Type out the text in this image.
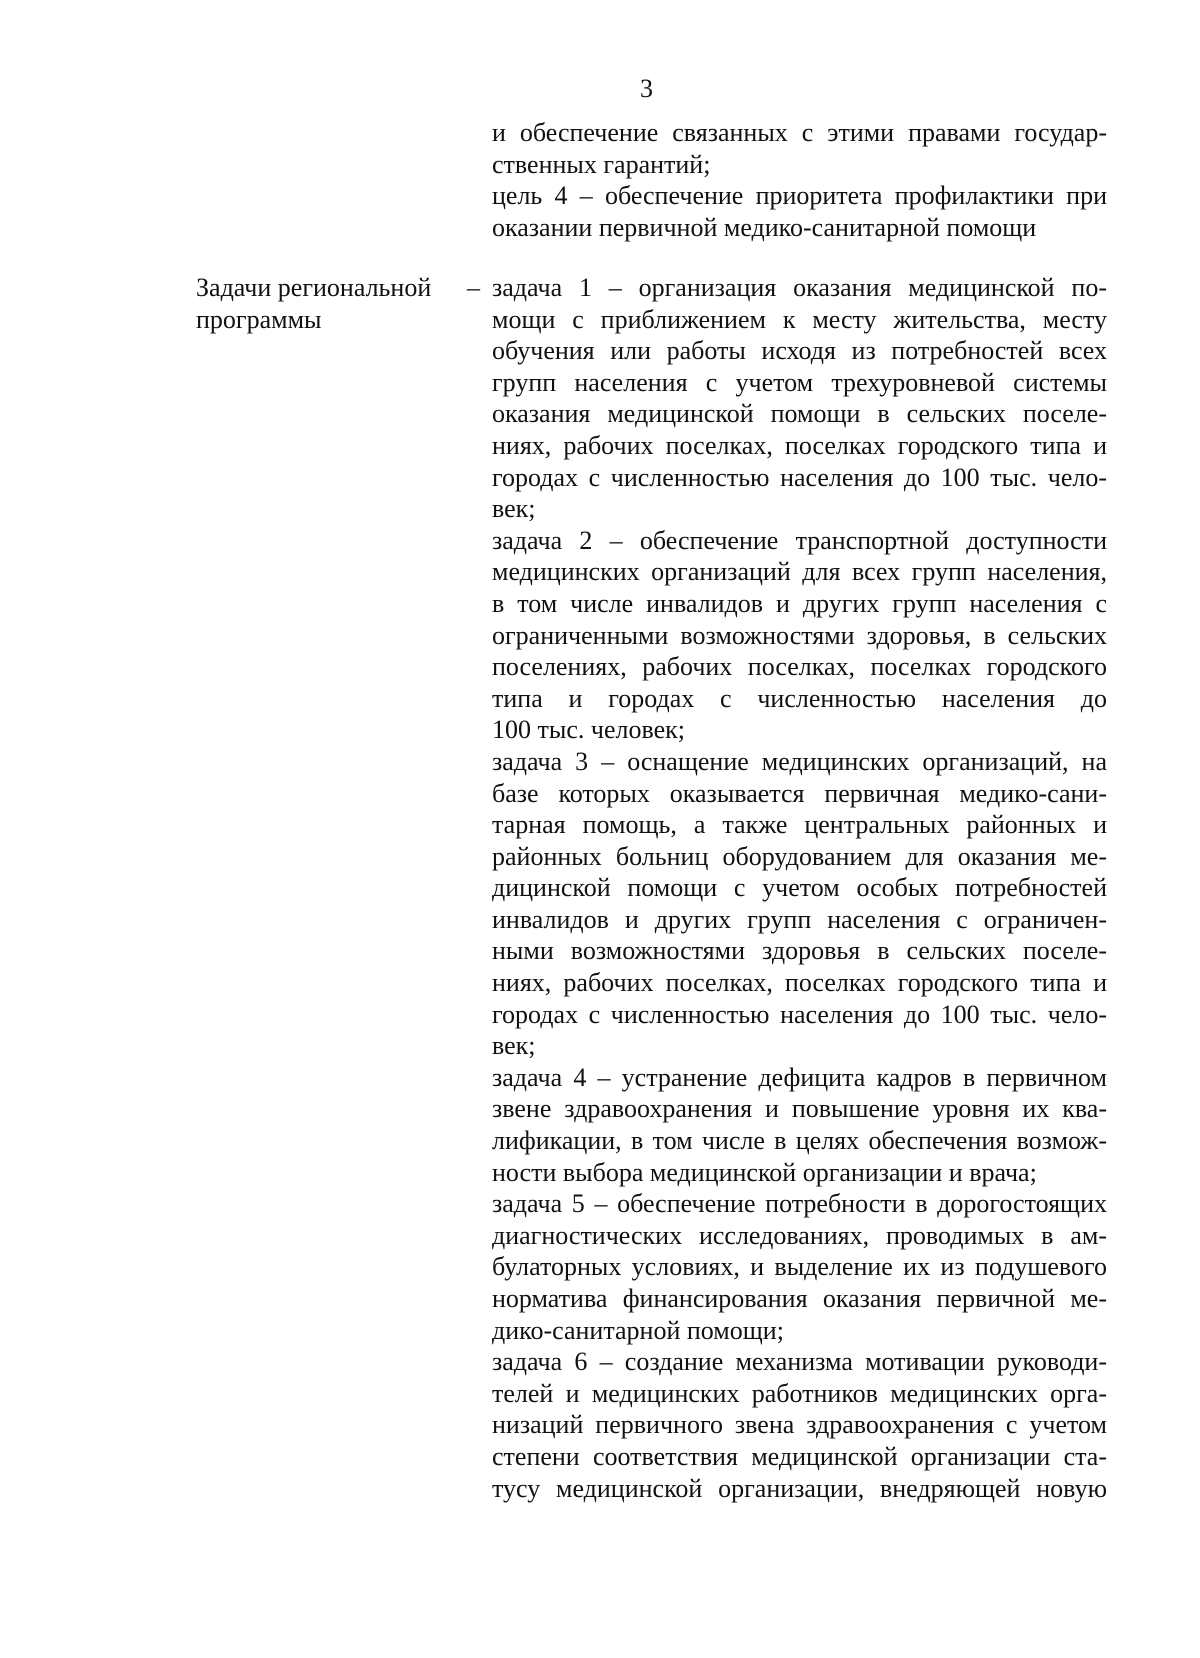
3
и обеспечение связанных с этими правами государ-
ственных гарантий;
цель 4 – обеспечение приоритета профилактики при
оказании первичной медико-санитарной помощи
Задачи региональной –
программы
задача 1 – организация оказания медицинской по-
мощи с приближением к месту жительства, месту
обучения или работы исходя из потребностей всех
групп населения с учетом трехуровневой системы
оказания медицинской помощи в сельских поселе-
ниях, рабочих поселках, поселках городского типа и
городах с численностью населения до 100 тыс. чело-
век;
задача 2 – обеспечение транспортной доступности
медицинских организаций для всех групп населения,
в том числе инвалидов и других групп населения с
ограниченными возможностями здоровья, в сельских
поселениях, рабочих поселках, поселках городского
типа и городах с численностью населения до
100 тыс. человек;
задача 3 – оснащение медицинских организаций, на
базе которых оказывается первичная медико-сани-
тарная помощь, а также центральных районных и
районных больниц оборудованием для оказания ме-
дицинской помощи с учетом особых потребностей
инвалидов и других групп населения с ограничен-
ными возможностями здоровья в сельских поселе-
ниях, рабочих поселках, поселках городского типа и
городах с численностью населения до 100 тыс. чело-
век;
задача 4 – устранение дефицита кадров в первичном
звене здравоохранения и повышение уровня их ква-
лификации, в том числе в целях обеспечения возмож-
ности выбора медицинской организации и врача;
задача 5 – обеспечение потребности в дорогостоящих
диагностических исследованиях, проводимых в ам-
булаторных условиях, и выделение их из подушевого
норматива финансирования оказания первичной ме-
дико-санитарной помощи;
задача 6 – создание механизма мотивации руководи-
телей и медицинских работников медицинских орга-
низаций первичного звена здравоохранения с учетом
степени соответствия медицинской организации ста-
тусу медицинской организации, внедряющей новую
